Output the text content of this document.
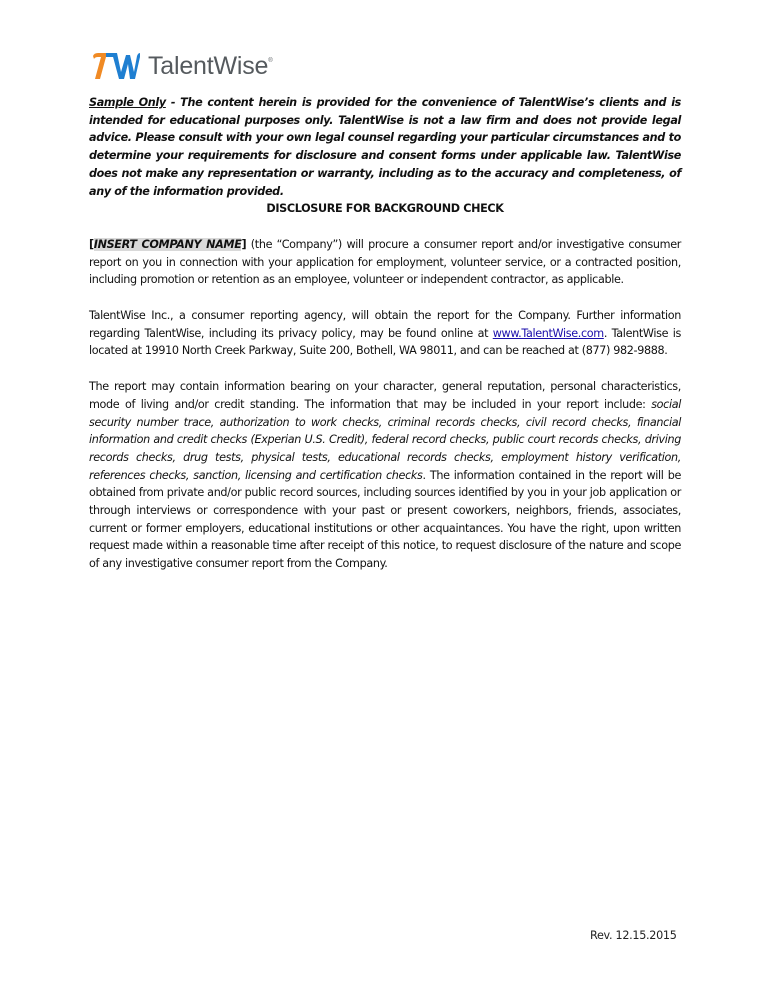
TalentWise®

Sample Only - The content herein is provided for the convenience of TalentWise’s clients and is intended for educational purposes only. TalentWise is not a law firm and does not provide legal advice. Please consult with your own legal counsel regarding your particular circumstances and to determine your requirements for disclosure and consent forms under applicable law. TalentWise does not make any representation or warranty, including as to the accuracy and completeness, of any of the information provided.

DISCLOSURE FOR BACKGROUND CHECK

[INSERT COMPANY NAME] (the “Company”) will procure a consumer report and/or investigative consumer report on you in connection with your application for employment, volunteer service, or a contracted position, including promotion or retention as an employee, volunteer or independent contractor, as applicable.

TalentWise Inc., a consumer reporting agency, will obtain the report for the Company. Further information regarding TalentWise, including its privacy policy, may be found online at www.TalentWise.com. TalentWise is located at 19910 North Creek Parkway, Suite 200, Bothell, WA 98011, and can be reached at (877) 982-9888.

The report may contain information bearing on your character, general reputation, personal characteristics, mode of living and/or credit standing. The information that may be included in your report include: social security number trace, authorization to work checks, criminal records checks, civil record checks, financial information and credit checks (Experian U.S. Credit), federal record checks, public court records checks, driving records checks, drug tests, physical tests, educational records checks, employment history verification, references checks, sanction, licensing and certification checks. The information contained in the report will be obtained from private and/or public record sources, including sources identified by you in your job application or through interviews or correspondence with your past or present coworkers, neighbors, friends, associates, current or former employers, educational institutions or other acquaintances. You have the right, upon written request made within a reasonable time after receipt of this notice, to request disclosure of the nature and scope of any investigative consumer report from the Company.

Rev. 12.15.2015
